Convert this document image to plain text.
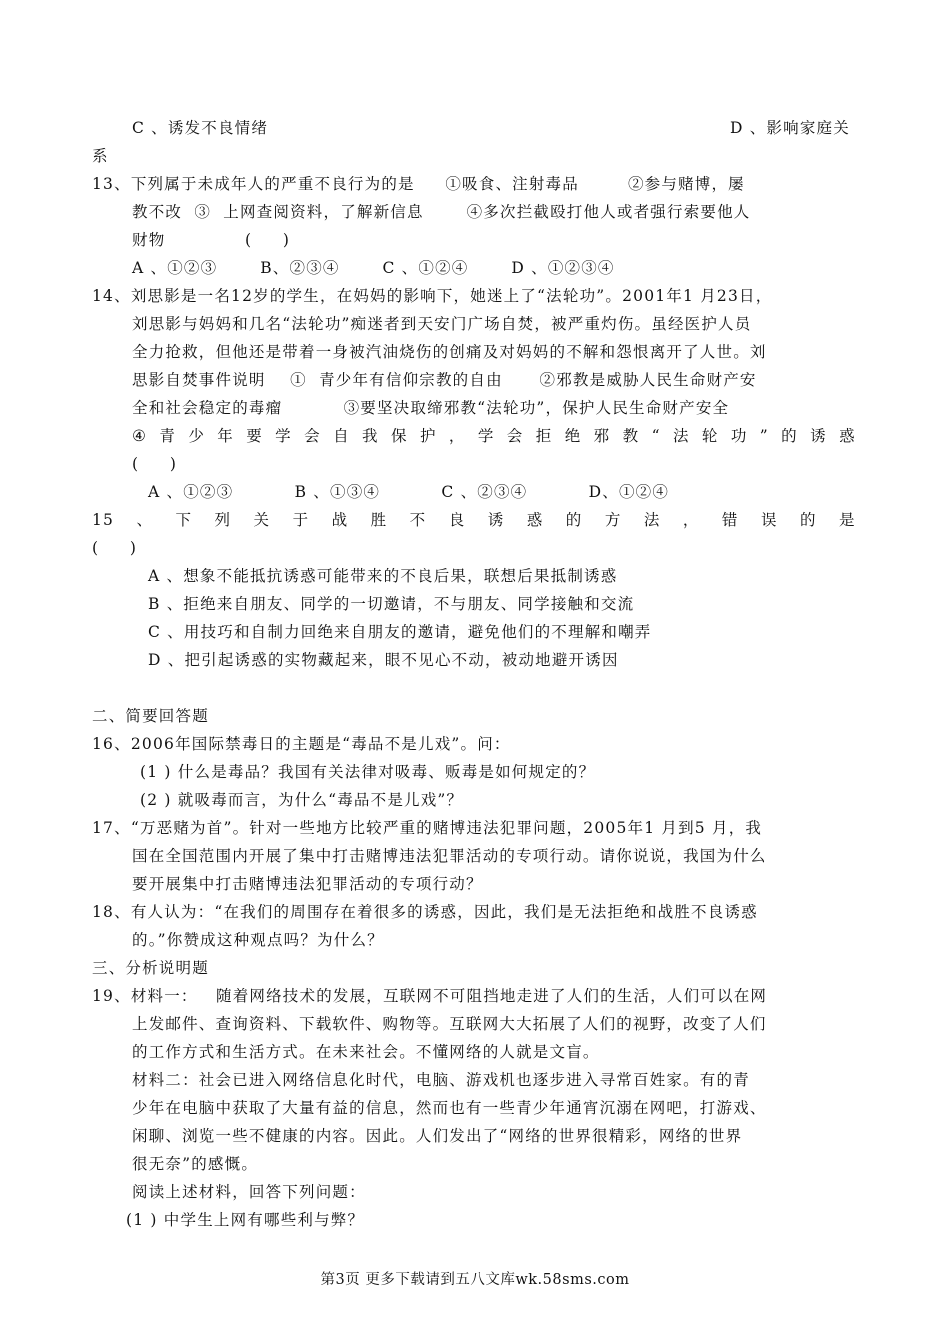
C 、诱发不良情绪	D 、影响家庭关
系
13、下列属于未成年人的严重不良行为的是     ①吸食、注射毒品        ②参与赌博，屡
教不改  ③  上网查阅资料，了解新信息       ④多次拦截殴打他人或者强行索要他人
财物             (     )
A 、①②③       B、②③④       C 、①②④       D 、①②③④
14、刘思影是一名12岁的学生，在妈妈的影响下，她迷上了“法轮功”。2001年1 月23日，
刘思影与妈妈和几名“法轮功”痴迷者到天安门广场自焚，被严重灼伤。虽经医护人员
全力抢救，但他还是带着一身被汽油烧伤的创痛及对妈妈的不解和怨恨离开了人世。刘
思影自焚事件说明    ①  青少年有信仰宗教的自由      ②邪教是威胁人民生命财产安
全和社会稳定的毒瘤          ③要坚决取缔邪教“法轮功”，保护人民生命财产安全
④ 青 少 年 要 学 会 自 我 保 护 ， 学 会 拒 绝 邪 教 “ 法 轮 功 ” 的 诱 惑
(     )
A 、①②③          B 、①③④          C 、②③④          D、①②④
15 、 下 列 关 于 战 胜 不 良 诱 惑 的 方 法 ， 错 误 的 是
(     )
A 、想象不能抵抗诱惑可能带来的不良后果，联想后果抵制诱惑
B 、拒绝来自朋友、同学的一切邀请，不与朋友、同学接触和交流
C 、用技巧和自制力回绝来自朋友的邀请，避免他们的不理解和嘲弄
D 、把引起诱惑的实物藏起来，眼不见心不动，被动地避开诱因
二、简要回答题
16、2006年国际禁毒日的主题是“毒品不是儿戏”。问：
(1 ) 什么是毒品？我国有关法律对吸毒、贩毒是如何规定的？
(2 ) 就吸毒而言，为什么“毒品不是儿戏”？
17、“万恶赌为首”。针对一些地方比较严重的赌博违法犯罪问题，2005年1 月到5 月，我
国在全国范围内开展了集中打击赌博违法犯罪活动的专项行动。请你说说，我国为什么
要开展集中打击赌博违法犯罪活动的专项行动？
18、有人认为：“在我们的周围存在着很多的诱惑，因此，我们是无法拒绝和战胜不良诱惑
的。”你赞成这种观点吗？为什么？
三、分析说明题
19、材料一：   随着网络技术的发展，互联网不可阻挡地走进了人们的生活，人们可以在网
上发邮件、查询资料、下载软件、购物等。互联网大大拓展了人们的视野，改变了人们
的工作方式和生活方式。在未来社会。不懂网络的人就是文盲。
材料二：社会已进入网络信息化时代，电脑、游戏机也逐步进入寻常百姓家。有的青
少年在电脑中获取了大量有益的信息，然而也有一些青少年通宵沉溺在网吧，打游戏、
闲聊、浏览一些不健康的内容。因此。人们发出了“网络的世界很精彩，网络的世界
很无奈”的感慨。
阅读上述材料，回答下列问题：
(1 ) 中学生上网有哪些利与弊？
第3页 更多下载请到五八文库wk.58sms.com
